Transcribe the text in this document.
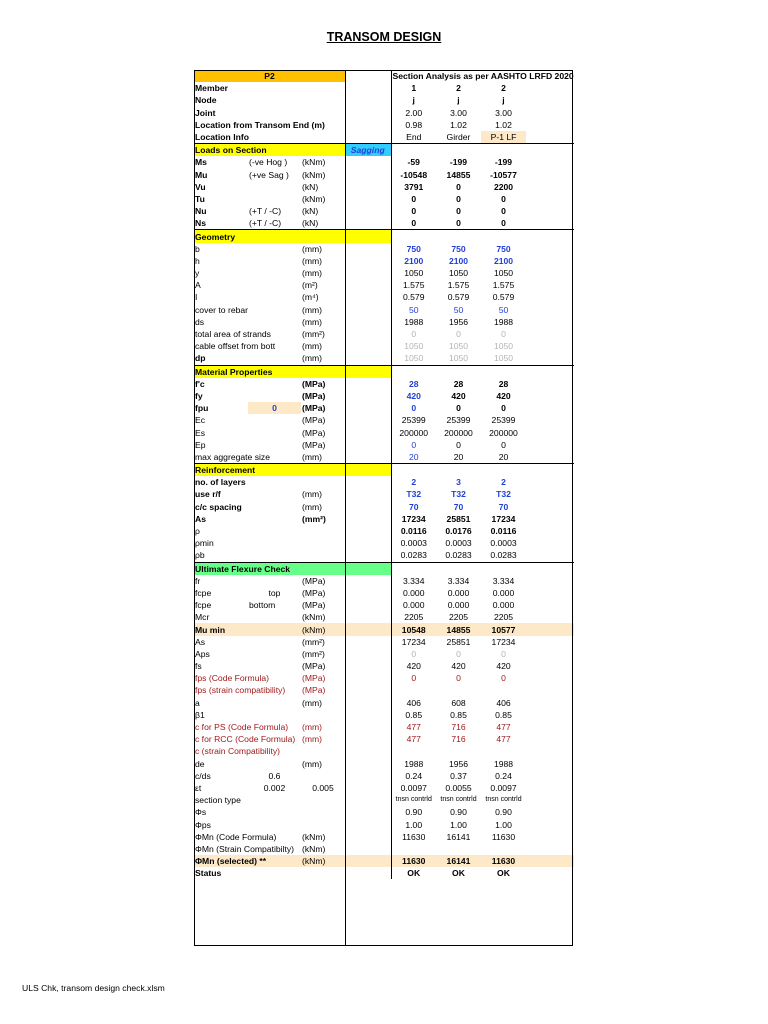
TRANSOM DESIGN
P2				Section Analysis as per AASHTO LRFD 2020			
Member				1	2	2	
Node				j	j	j	
Joint				2.00	3.00	3.00	
Location from Transom End (m)				0.98	1.02	1.02	
Location Info				End	Girder	P-1 LF	
Loads on Section			Sagging				
Ms	(-ve Hog )	(kNm)		-59	-199	-199	
Mu	(+ve Sag )	(kNm)		-10548	14855	-10577	
Vu		(kN)		3791	0	2200	
Tu		(kNm)		0	0	0	
Nu	(+T / -C)	(kN)		0	0	0	
Ns	(+T / -C)	(kN)		0	0	0	
Geometry							
b		(mm)		750	750	750	
h		(mm)		2100	2100	2100	
y		(mm)		1050	1050	1050	
A		(m²)		1.575	1.575	1.575	
I		(m⁴)		0.579	0.579	0.579	
cover to rebar		(mm)		50	50	50	
ds		(mm)		1988	1956	1988	
total area of strands		(mm²)		0	0	0	
cable offset from bott		(mm)		1050	1050	1050	
dp		(mm)		1050	1050	1050	
Material Properties							
f'c		(MPa)		28	28	28	
fy		(MPa)		420	420	420	
fpu	0	(MPa)		0	0	0	
Ec		(MPa)		25399	25399	25399	
Es		(MPa)		200000	200000	200000	
Ep		(MPa)		0	0	0	
max aggregate size		(mm)		20	20	20	
Reinforcement							
no. of layers				2	3	2	
use r/f		(mm)		T32	T32	T32	
c/c spacing		(mm)		70	70	70	
As		(mm²)		17234	25851	17234	
ρ				0.0116	0.0176	0.0116	
ρmin				0.0003	0.0003	0.0003	
ρb				0.0283	0.0283	0.0283	
Ultimate Flexure Check							
fr		(MPa)		3.334	3.334	3.334	
fcpe	top	(MPa)		0.000	0.000	0.000	
fcpe	bottom	(MPa)		0.000	0.000	0.000	
Mcr		(kNm)		2205	2205	2205	
Mu min		(kNm)		10548	14855	10577	
As		(mm²)		17234	25851	17234	
Aps		(mm²)		0	0	0	
fs		(MPa)		420	420	420	
fps (Code Formula)		(MPa)		0	0	0	
fps (strain compatibility)		(MPa)					
a		(mm)		406	608	406	
β1				0.85	0.85	0.85	
c for PS (Code Formula)		(mm)		477	716	477	
c for RCC (Code Formula)		(mm)		477	716	477	
c (strain Compatibility)							
de		(mm)		1988	1956	1988	
c/ds	0.6			0.24	0.37	0.24	
εt	0.002	0.005		0.0097	0.0055	0.0097	
section type				tnsn contrld	tnsn contrld	tnsn contrld	
Φs				0.90	0.90	0.90	
Φps				1.00	1.00	1.00	
ΦMn (Code Formula)		(kNm)		11630	16141	11630	
ΦMn (Strain Compatibilty)		(kNm)					
ΦMn (selected) **		(kNm)		11630	16141	11630	
Status				OK	OK	OK	
ULS Chk, transom design check.xlsm
